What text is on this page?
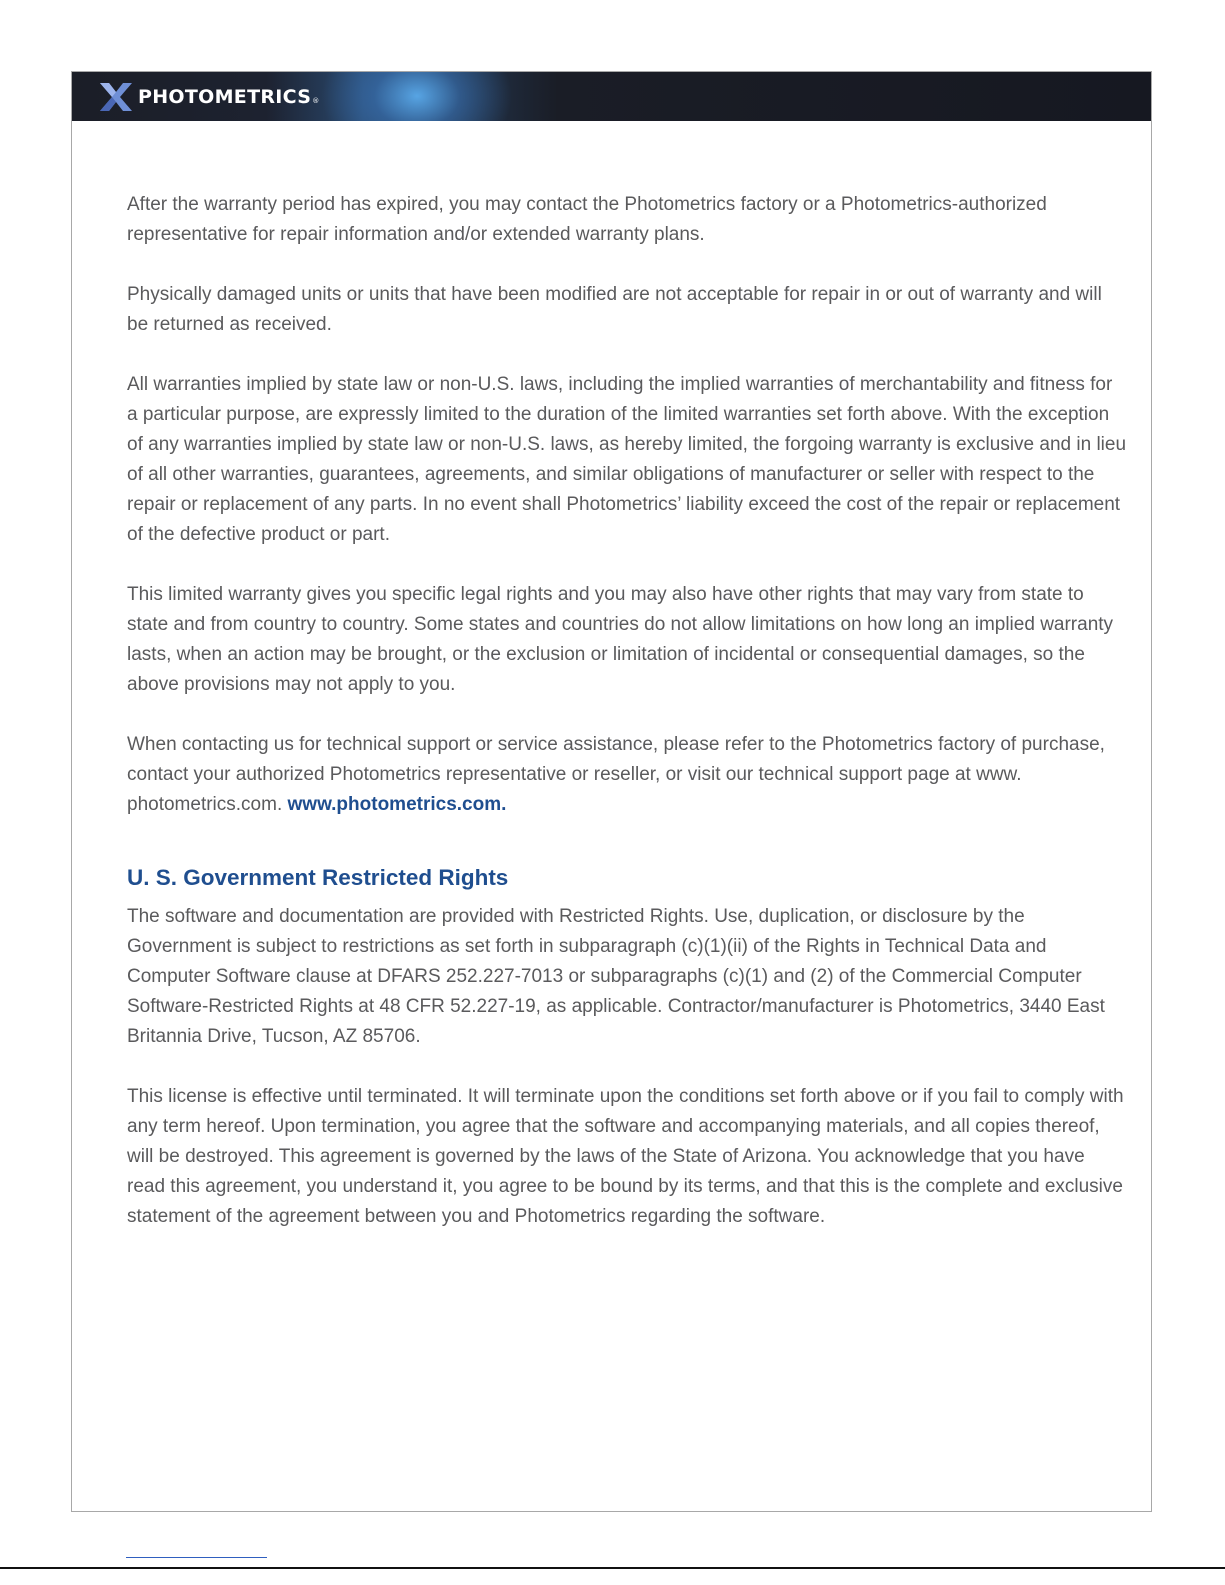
PHOTOMETRICS®

After the warranty period has expired, you may contact the Photometrics factory or a Photometrics-authorized representative for repair information and/or extended warranty plans.

Physically damaged units or units that have been modified are not acceptable for repair in or out of warranty and will be returned as received.

All warranties implied by state law or non-U.S. laws, including the implied warranties of merchantability and fitness for a particular purpose, are expressly limited to the duration of the limited warranties set forth above. With the exception of any warranties implied by state law or non-U.S. laws, as hereby limited, the forgoing warranty is exclusive and in lieu of all other warranties, guarantees, agreements, and similar obligations of manufacturer or seller with respect to the repair or replacement of any parts. In no event shall Photometrics’ liability exceed the cost of the repair or replacement of the defective product or part.

This limited warranty gives you specific legal rights and you may also have other rights that may vary from state to state and from country to country. Some states and countries do not allow limitations on how long an implied warranty lasts, when an action may be brought, or the exclusion or limitation of incidental or consequential damages, so the above provisions may not apply to you.

When contacting us for technical support or service assistance, please refer to the Photometrics factory of purchase, contact your authorized Photometrics representative or reseller, or visit our technical support page at www. photometrics.com. www.photometrics.com.

U. S. Government Restricted Rights

The software and documentation are provided with Restricted Rights. Use, duplication, or disclosure by the Government is subject to restrictions as set forth in subparagraph (c)(1)(ii) of the Rights in Technical Data and Computer Software clause at DFARS 252.227-7013 or subparagraphs (c)(1) and (2) of the Commercial Computer Software-Restricted Rights at 48 CFR 52.227-19, as applicable. Contractor/manufacturer is Photometrics, 3440 East Britannia Drive, Tucson, AZ 85706.

This license is effective until terminated. It will terminate upon the conditions set forth above or if you fail to comply with any term hereof. Upon termination, you agree that the software and accompanying materials, and all copies thereof, will be destroyed. This agreement is governed by the laws of the State of Arizona. You acknowledge that you have read this agreement, you understand it, you agree to be bound by its terms, and that this is the complete and exclusive statement of the agreement between you and Photometrics regarding the software.
